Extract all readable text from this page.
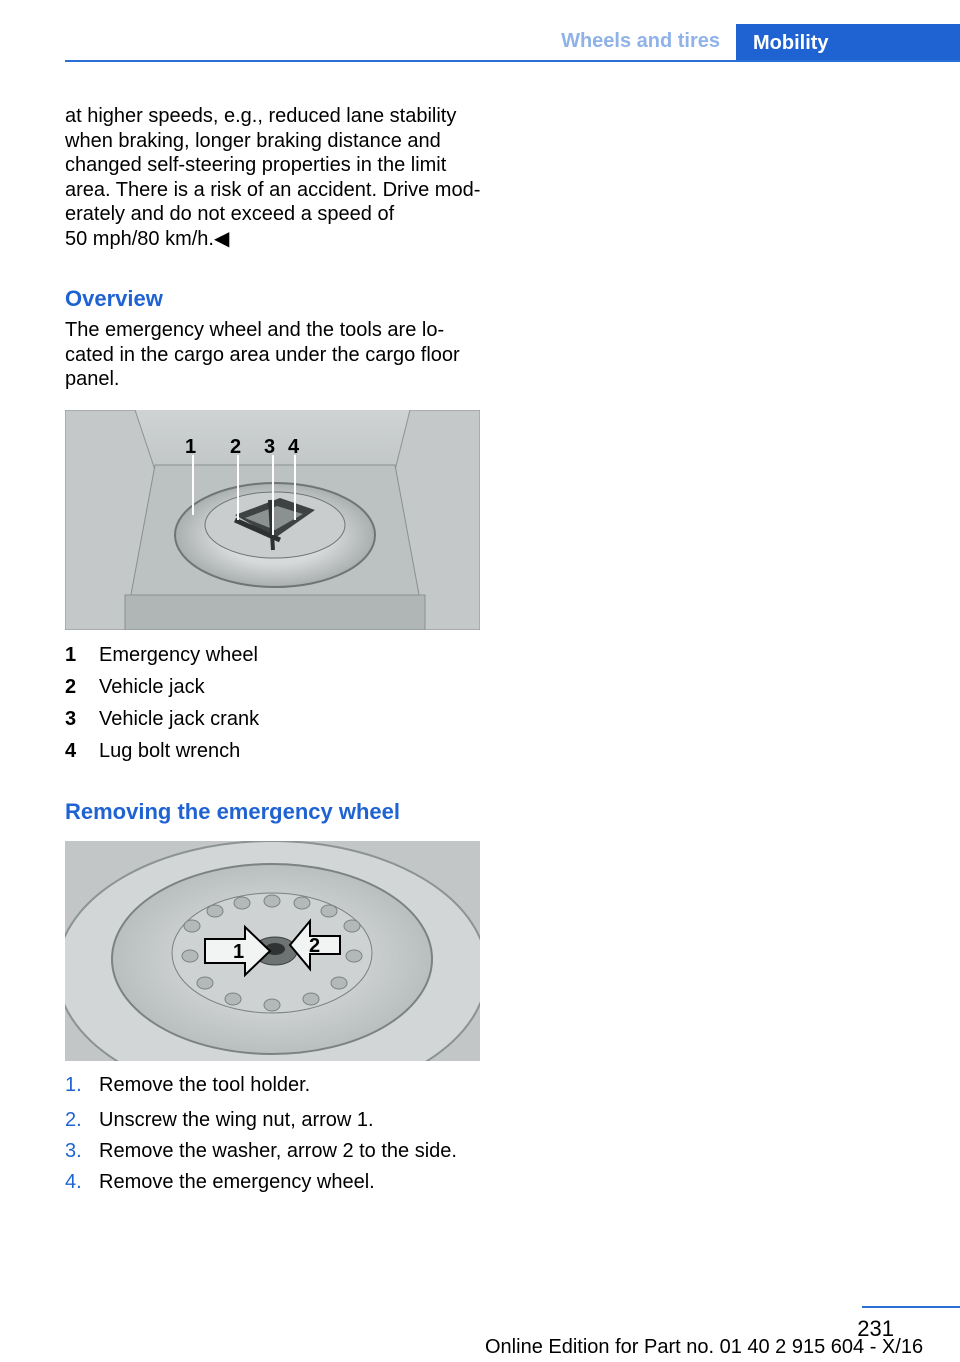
Wheels and tires	Mobility

at higher speeds, e.g., reduced lane stability

when braking, longer braking distance and

changed self-steering properties in the limit

area. There is a risk of an accident. Drive mod-

erately and do not exceed a speed of

50 mph/80 km/h.◀

Overview

The emergency wheel and the tools are lo-

cated in the cargo area under the cargo floor

panel.

1 2 3 4
1 Emergency wheel
2 Vehicle jack
3 Vehicle jack crank
4 Lug bolt wrench
Removing the emergency wheel
1	2
1. Remove the tool holder.
2. Unscrew the wing nut, arrow 1.
3. Remove the washer, arrow 2 to the side.
4. Remove the emergency wheel.
231
Online Edition for Part no. 01 40 2 915 604 - X/16
